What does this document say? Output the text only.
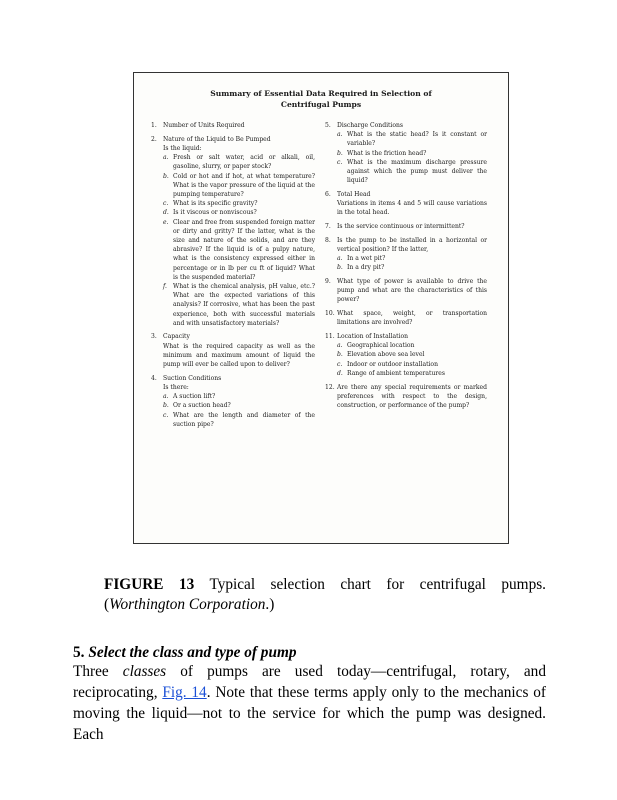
Summary of Essential Data Required in Selection of
Centrifugal Pumps
1.	Number of Units Required
2.	Nature of the Liquid to Be Pumped
Is the liquid:
a. Fresh or salt water, acid or alkali, oil, gasoline, slurry, or paper stock?
b. Cold or hot and if hot, at what temperature? What is the vapor pressure of the liquid at the pumping temperature?
c. What is its specific gravity?
d. Is it viscous or nonviscous?
e. Clear and free from suspended foreign matter or dirty and gritty? If the latter, what is the size and nature of the solids, and are they abrasive? If the liquid is of a pulpy nature, what is the consistency expressed either in percentage or in lb per cu ft of liquid? What is the suspended material?
f. What is the chemical analysis, pH value, etc.? What are the expected variations of this analysis? If corrosive, what has been the past experience, both with successful materials and with unsatisfactory materials?
3.	Capacity
What is the required capacity as well as the minimum and maximum amount of liquid the pump will ever be called upon to deliver?
4.	Suction Conditions
Is there:
a. A suction lift?
b. Or a suction head?
c. What are the length and diameter of the suction pipe?
5.	Discharge Conditions
a. What is the static head? Is it constant or variable?
b. What is the friction head?
c. What is the maximum discharge pressure against which the pump must deliver the liquid?
6.	Total Head
Variations in items 4 and 5 will cause variations in the total head.
7.	Is the service continuous or intermittent?
8.	Is the pump to be installed in a horizontal or vertical position? If the latter,
a. In a wet pit?
b. In a dry pit?
9.	What type of power is available to drive the pump and what are the characteristics of this power?
10. What space, weight, or transportation limitations are involved?
11. Location of Installation
a. Geographical location
b. Elevation above sea level
c. Indoor or outdoor installation
d. Range of ambient temperatures
12. Are there any special requirements or marked preferences with respect to the design, construction, or performance of the pump?
FIGURE 13 Typical selection chart for centrifugal pumps. (Worthington Corporation.)
5. Select the class and type of pump
Three classes of pumps are used today—centrifugal, rotary, and reciprocating, Fig. 14. Note that these terms apply only to the mechanics of moving the liquid—not to the service for which the pump was designed. Each
